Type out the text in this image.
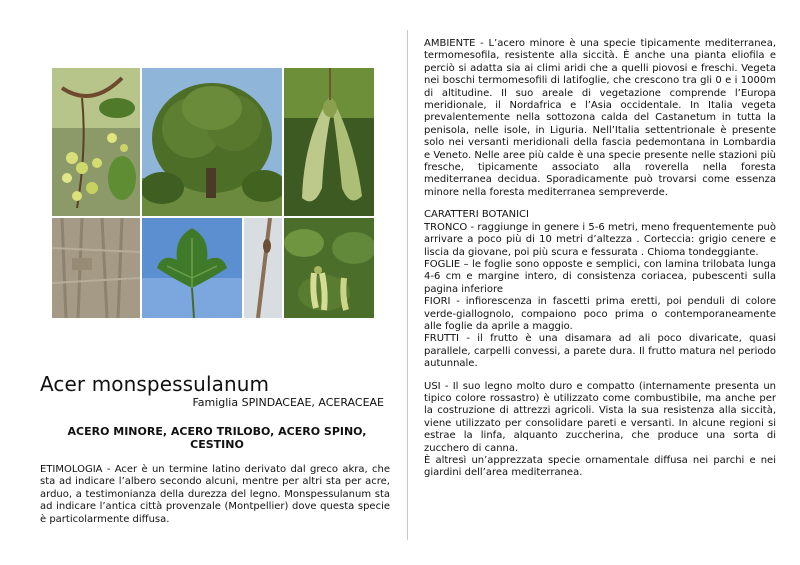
Acer monspessulanum
Famiglia SPINDACEAE, ACERACEAE
ACERO MINORE, ACERO TRILOBO, ACERO SPINO, CESTINO
ETIMOLOGIA - Acer è un termine latino derivato dal greco akra, che sta ad indicare l’albero secondo alcuni, mentre per altri sta per acre, arduo, a testimonianza della durezza del legno. Monspessulanum sta ad indicare l’antica città provenzale (Montpellier) dove questa specie è particolarmente diffusa.
AMBIENTE - L’acero minore è una specie tipicamente mediterranea, termomesofila, resistente alla siccità. È anche una pianta eliofila e perciò si adatta sia ai climi aridi che a quelli piovosi e freschi. Vegeta nei boschi termomesofili di latifoglie, che crescono tra gli 0 e i 1000m di altitudine. Il suo areale di vegetazione comprende l’Europa meridionale, il Nordafrica e l’Asia occidentale. In Italia vegeta prevalentemente nella sottozona calda del Castanetum in tutta la penisola, nelle isole, in Liguria. Nell’Italia settentrionale è presente solo nei versanti meridionali della fascia pedemontana in Lombardia e Veneto. Nelle aree più calde è una specie presente nelle stazioni più fresche, tipicamente associato alla roverella nella foresta mediterranea decidua. Sporadicamente può trovarsi come essenza minore nella foresta mediterranea sempreverde.
CARATTERI BOTANICI
TRONCO - raggiunge in genere i 5-6 metri, meno frequentemente può arrivare a poco più di 10 metri d’altezza . Corteccia: grigio cenere e liscia da giovane, poi più scura e fessurata . Chioma tondeggiante.
FOGLIE – le foglie sono opposte e semplici, con lamina trilobata lunga 4-6 cm e margine intero, di consistenza coriacea, pubescenti sulla pagina inferiore
FIORI - infiorescenza in fascetti prima eretti, poi penduli di colore verde-giallognolo, compaiono poco prima o contemporaneamente alle foglie da aprile a maggio.
FRUTTI - il frutto è una disamara ad ali poco divaricate, quasi parallele, carpelli convessi, a parete dura. Il frutto matura nel periodo autunnale.
USI - Il suo legno molto duro e compatto (internamente presenta un tipico colore rossastro) è utilizzato come combustibile, ma anche per la costruzione di attrezzi agricoli. Vista la sua resistenza alla siccità, viene utilizzato per consolidare pareti e versanti. In alcune regioni si estrae la linfa, alquanto zuccherina, che produce una sorta di zucchero di canna.
È altresì un’apprezzata specie ornamentale diffusa nei parchi e nei giardini dell’area mediterranea.
